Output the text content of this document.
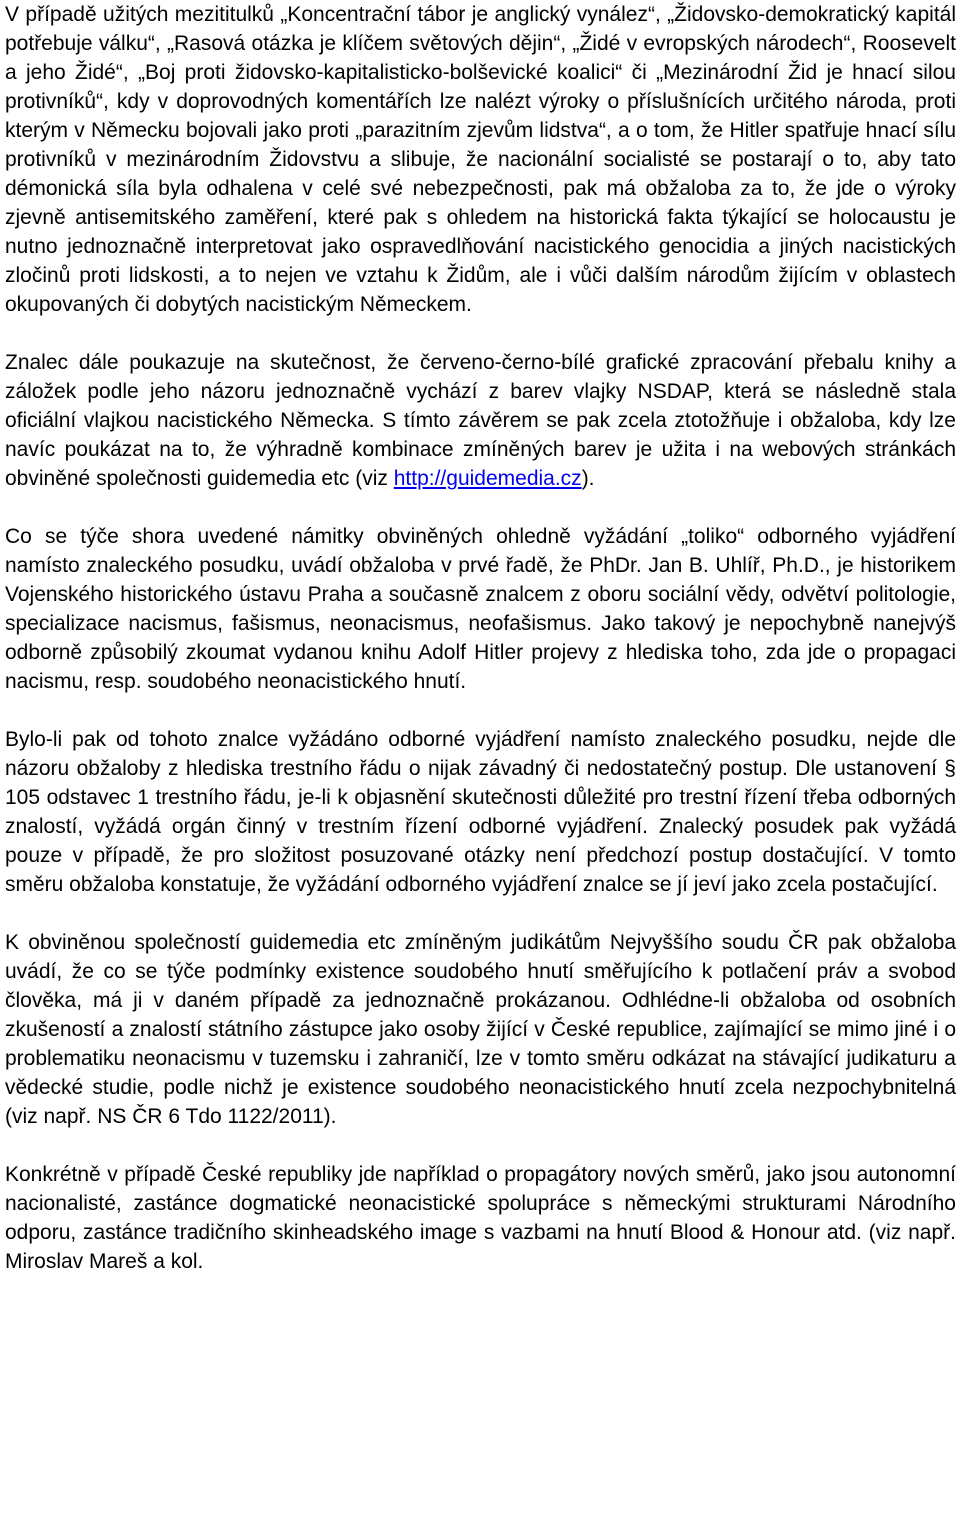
V případě užitých mezititulků „Koncentrační tábor je anglický vynález“, „Židovsko-demokratický kapitál potřebuje válku“, „Rasová otázka je klíčem světových dějin“, „Židé v evropských národech“, Roosevelt a jeho Židé“, „Boj proti židovsko-kapitalisticko-bolševické koalici“ či „Mezinárodní Žid je hnací silou protivníků“, kdy v doprovodných komentářích lze nalézt výroky o příslušnících určitého národa, proti kterým v Německu bojovali jako proti „parazitním zjevům lidstva“, a o tom, že Hitler spatřuje hnací sílu protivníků v mezinárodním Židovstvu a slibuje, že nacionální socialisté se postarají o to, aby tato démonická síla byla odhalena v celé své nebezpečnosti, pak má obžaloba za to, že jde o výroky zjevně antisemitského zaměření, které pak s ohledem na historická fakta týkající se holocaustu je nutno jednoznačně interpretovat jako ospravedlňování nacistického genocidia a jiných nacistických zločinů proti lidskosti, a to nejen ve vztahu k Židům, ale i vůči dalším národům žijícím v oblastech okupovaných či dobytých nacistickým Německem.

Znalec dále poukazuje na skutečnost, že červeno-černo-bílé grafické zpracování přebalu knihy a záložek podle jeho názoru jednoznačně vychází z barev vlajky NSDAP, která se následně stala oficiální vlajkou nacistického Německa. S tímto závěrem se pak zcela ztotožňuje i obžaloba, kdy lze navíc poukázat na to, že výhradně kombinace zmíněných barev je užita i na webových stránkách obviněné společnosti guidemedia etc (viz http://guidemedia.cz).

Co se týče shora uvedené námitky obviněných ohledně vyžádání „toliko“ odborného vyjádření namísto znaleckého posudku, uvádí obžaloba v prvé řadě, že PhDr. Jan B. Uhlíř, Ph.D., je historikem Vojenského historického ústavu Praha a současně znalcem z oboru sociální vědy, odvětví politologie, specializace nacismus, fašismus, neonacismus, neofašismus. Jako takový je nepochybně nanejvýš odborně způsobilý zkoumat vydanou knihu Adolf Hitler projevy z hlediska toho, zda jde o propagaci nacismu, resp. soudobého neonacistického hnutí.

Bylo-li pak od tohoto znalce vyžádáno odborné vyjádření namísto znaleckého posudku, nejde dle názoru obžaloby z hlediska trestního řádu o nijak závadný či nedostatečný postup. Dle ustanovení § 105 odstavec 1 trestního řádu, je-li k objasnění skutečnosti důležité pro trestní řízení třeba odborných znalostí, vyžádá orgán činný v trestním řízení odborné vyjádření. Znalecký posudek pak vyžádá pouze v případě, že pro složitost posuzované otázky není předchozí postup dostačující. V tomto směru obžaloba konstatuje, že vyžádání odborného vyjádření znalce se jí jeví jako zcela postačující.

K obviněnou společností guidemedia etc zmíněným judikátům Nejvyššího soudu ČR pak obžaloba uvádí, že co se týče podmínky existence soudobého hnutí směřujícího k potlačení práv a svobod člověka, má ji v daném případě za jednoznačně prokázanou. Odhlédne-li obžaloba od osobních zkušeností a znalostí státního zástupce jako osoby žijící v České republice, zajímající se mimo jiné i o problematiku neonacismu v tuzemsku i zahraničí, lze v tomto směru odkázat na stávající judikaturu a vědecké studie, podle nichž je existence soudobého neonacistického hnutí zcela nezpochybnitelná (viz např. NS ČR 6 Tdo 1122/2011).

Konkrétně v případě České republiky jde například o propagátory nových směrů, jako jsou autonomní nacionalisté, zastánce dogmatické neonacistické spolupráce s německými strukturami Národního odporu, zastánce tradičního skinheadského image s vazbami na hnutí Blood & Honour atd. (viz např. Miroslav Mareš a kol.
